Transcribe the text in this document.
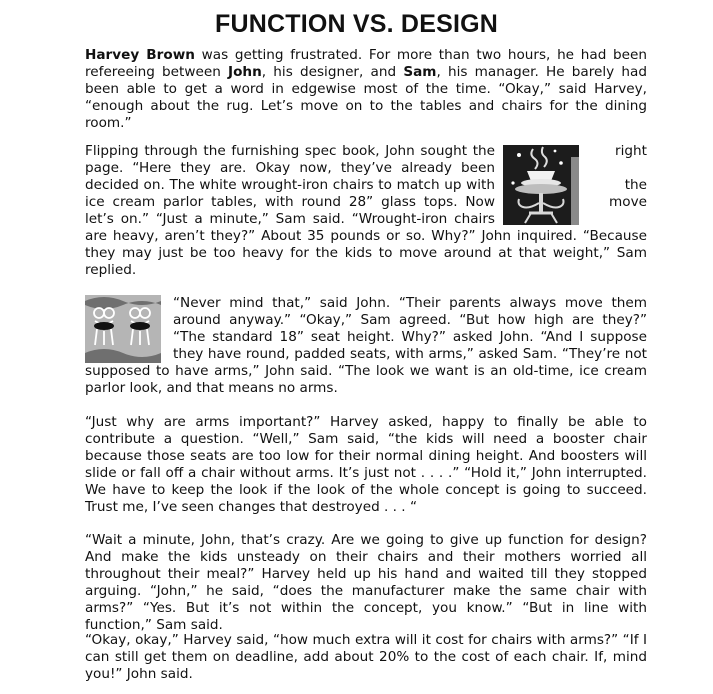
FUNCTION VS. DESIGN

Harvey Brown was getting frustrated. For more than two hours, he had been refereeing between John, his designer, and Sam, his manager. He barely had been able to get a word in edgewise most of the time. “Okay,” said Harvey, “enough about the rug. Let’s move on to the tables and chairs for the dining room.”

right
the
move
Flipping through the furnishing spec book, John sought the page. “Here they are. Okay now, they’ve already been decided on. The white wrought-iron chairs to match up with ice cream parlor tables, with round 28” glass tops. Now let’s on.” “Just a minute,” Sam said. “Wrought-iron chairs are heavy, aren’t they?” About 35 pounds or so. Why?” John inquired. “Because they may just be too heavy for the kids to move around at that weight,” Sam replied.
“Never mind that,” said John. “Their parents always move them around anyway.” “Okay,” Sam agreed. “But how high are they?” “The standard 18” seat height. Why?” asked John. “And I suppose they have round, padded seats, with arms,” asked Sam. “They’re not supposed to have arms,” John said. “The look we want is an old-time, ice cream parlor look, and that means no arms.

“Just why are arms important?” Harvey asked, happy to finally be able to contribute a question. “Well,” Sam said, “the kids will need a booster chair because those seats are too low for their normal dining height. And boosters will slide or fall off a chair without arms. It’s just not . . . .” “Hold it,” John interrupted. We have to keep the look if the look of the whole concept is going to succeed. Trust me, I’ve seen changes that destroyed . . . “

“Wait a minute, John, that’s crazy. Are we going to give up function for design? And make the kids unsteady on their chairs and their mothers worried all throughout their meal?” Harvey held up his hand and waited till they stopped arguing. “John,” he said, “does the manufacturer make the same chair with arms?” “Yes. But it’s not within the concept, you know.” “But in line with function,” Sam said.

“Okay, okay,” Harvey said, “how much extra will it cost for chairs with arms?” “If I can still get them on deadline, add about 20% to the cost of each chair. If, mind you!” John said.
